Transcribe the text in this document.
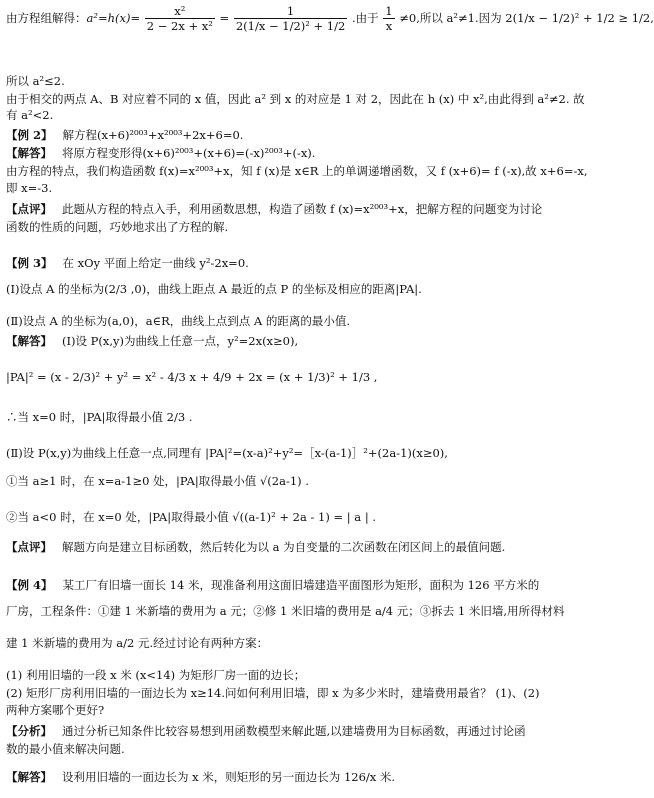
由方程组解得：$a^2=h(x)= \frac{\text{x²}}{\text{2 − 2x + x²}} = \frac{1}{\text{2(1/x − 1/2)² + 1/2}}$ .由于 $\frac{1}{x} \ne 0$,所以 a²≠1.因为 2(1/x − 1/2)² + 1/2 ≥ 1/2,
所以 a²≤2.
由于相交的两点 A、B 对应着不同的 x 值，因此 a² 到 x 的对应是 1 对 2，因此在 h (x) 中 x²,由此得到 a²≠2. 故
有 a²<2.
【例 2】 解方程(x+6)²⁰⁰³+x²⁰⁰³+2x+6=0.
【解答】 将原方程变形得(x+6)²⁰⁰³+(x+6)=(-x)²⁰⁰³+(-x).
由方程的特点，我们构造函数 f(x)=x²⁰⁰³+x，知 f (x)是 x∈R 上的单调递增函数，又 f (x+6)= f (-x),故 x+6=-x,
即 x=-3.
【点评】 此题从方程的特点入手，利用函数思想，构造了函数 f (x)=x²⁰⁰³+x，把解方程的问题变为讨论
函数的性质的问题，巧妙地求出了方程的解.
【例 3】 在 xOy 平面上给定一曲线 y²-2x=0.
(Ⅰ)设点 A 的坐标为(2/3 ,0)，曲线上距点 A 最近的点 P 的坐标及相应的距离|PA|.
(Ⅱ)设点 A 的坐标为(a,0)，a∈R，曲线上点到点 A 的距离的最小值.
【解答】 (Ⅰ)设 P(x,y)为曲线上任意一点，y²=2x(x≥0),
|PA|² = (x - 2/3)² + y² = x² - 4/3 x + 4/9 + 2x = (x + 1/3)² + 1/3 ,
∴当 x=0 时，|PA|取得最小值 2/3 .
(Ⅱ)设 P(x,y)为曲线上任意一点,同理有 |PA|²=(x-a)²+y²=［x-(a-1)］²+(2a-1)(x≥0),
①当 a≥1 时，在 x=a-1≥0 处，|PA|取得最小值 √(2a-1) .
②当 a<0 时，在 x=0 处，|PA|取得最小值 √((a-1)² + 2a - 1) = | a | .
【点评】 解题方向是建立目标函数，然后转化为以 a 为自变量的二次函数在闭区间上的最值问题.
【例 4】 某工厂有旧墙一面长 14 米，现准备利用这面旧墙建造平面图形为矩形，面积为 126 平方米的
厂房，工程条件：①建 1 米新墙的费用为 a 元；②修 1 米旧墙的费用是 a/4 元；③拆去 1 米旧墙,用所得材料
建 1 米新墙的费用为 a/2 元.经过讨论有两种方案：
(1) 利用旧墙的一段 x 米 (x<14) 为矩形厂房一面的边长；
(2) 矩形厂房利用旧墙的一面边长为 x≥14.问如何利用旧墙，即 x 为多少米时，建墙费用最省？ (1)、(2)
两种方案哪个更好?
【分析】 通过分析已知条件比较容易想到用函数模型来解此题,以建墙费用为目标函数，再通过讨论函
数的最小值来解决问题.
【解答】 设利用旧墙的一面边长为 x 米，则矩形的另一面边长为 126/x 米.
